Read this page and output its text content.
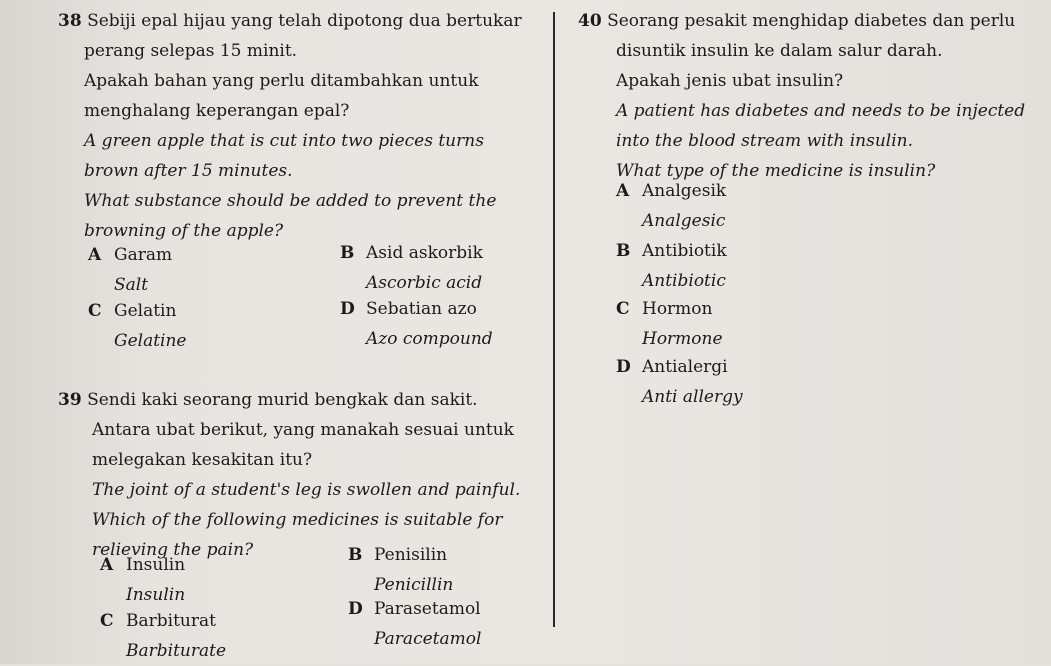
38 Sebiji epal hijau yang telah dipotong dua bertukar
perang selepas 15 minit.
Apakah bahan yang perlu ditambahkan untuk
menghalang keperangan epal?
A green apple that is cut into two pieces turns
brown after 15 minutes.
What substance should be added to prevent the
browning of the apple?
A Garam
Salt
B Asid askorbik
Ascorbic acid
C Gelatin
Gelatine
D Sebatian azo
Azo compound
39 Sendi kaki seorang murid bengkak dan sakit.
Antara ubat berikut, yang manakah sesuai untuk
melegakan kesakitan itu?
The joint of a student's leg is swollen and painful.
Which of the following medicines is suitable for
relieving the pain?
A Insulin
Insulin
B Penisilin
Penicillin
C Barbiturat
Barbiturate
D Parasetamol
Paracetamol
40 Seorang pesakit menghidap diabetes dan perlu
disuntik insulin ke dalam salur darah.
Apakah jenis ubat insulin?
A patient has diabetes and needs to be injected
into the blood stream with insulin.
What type of the medicine is insulin?
A Analgesik
Analgesic
B Antibiotik
Antibiotic
C Hormon
Hormone
D Antialergi
Anti allergy
